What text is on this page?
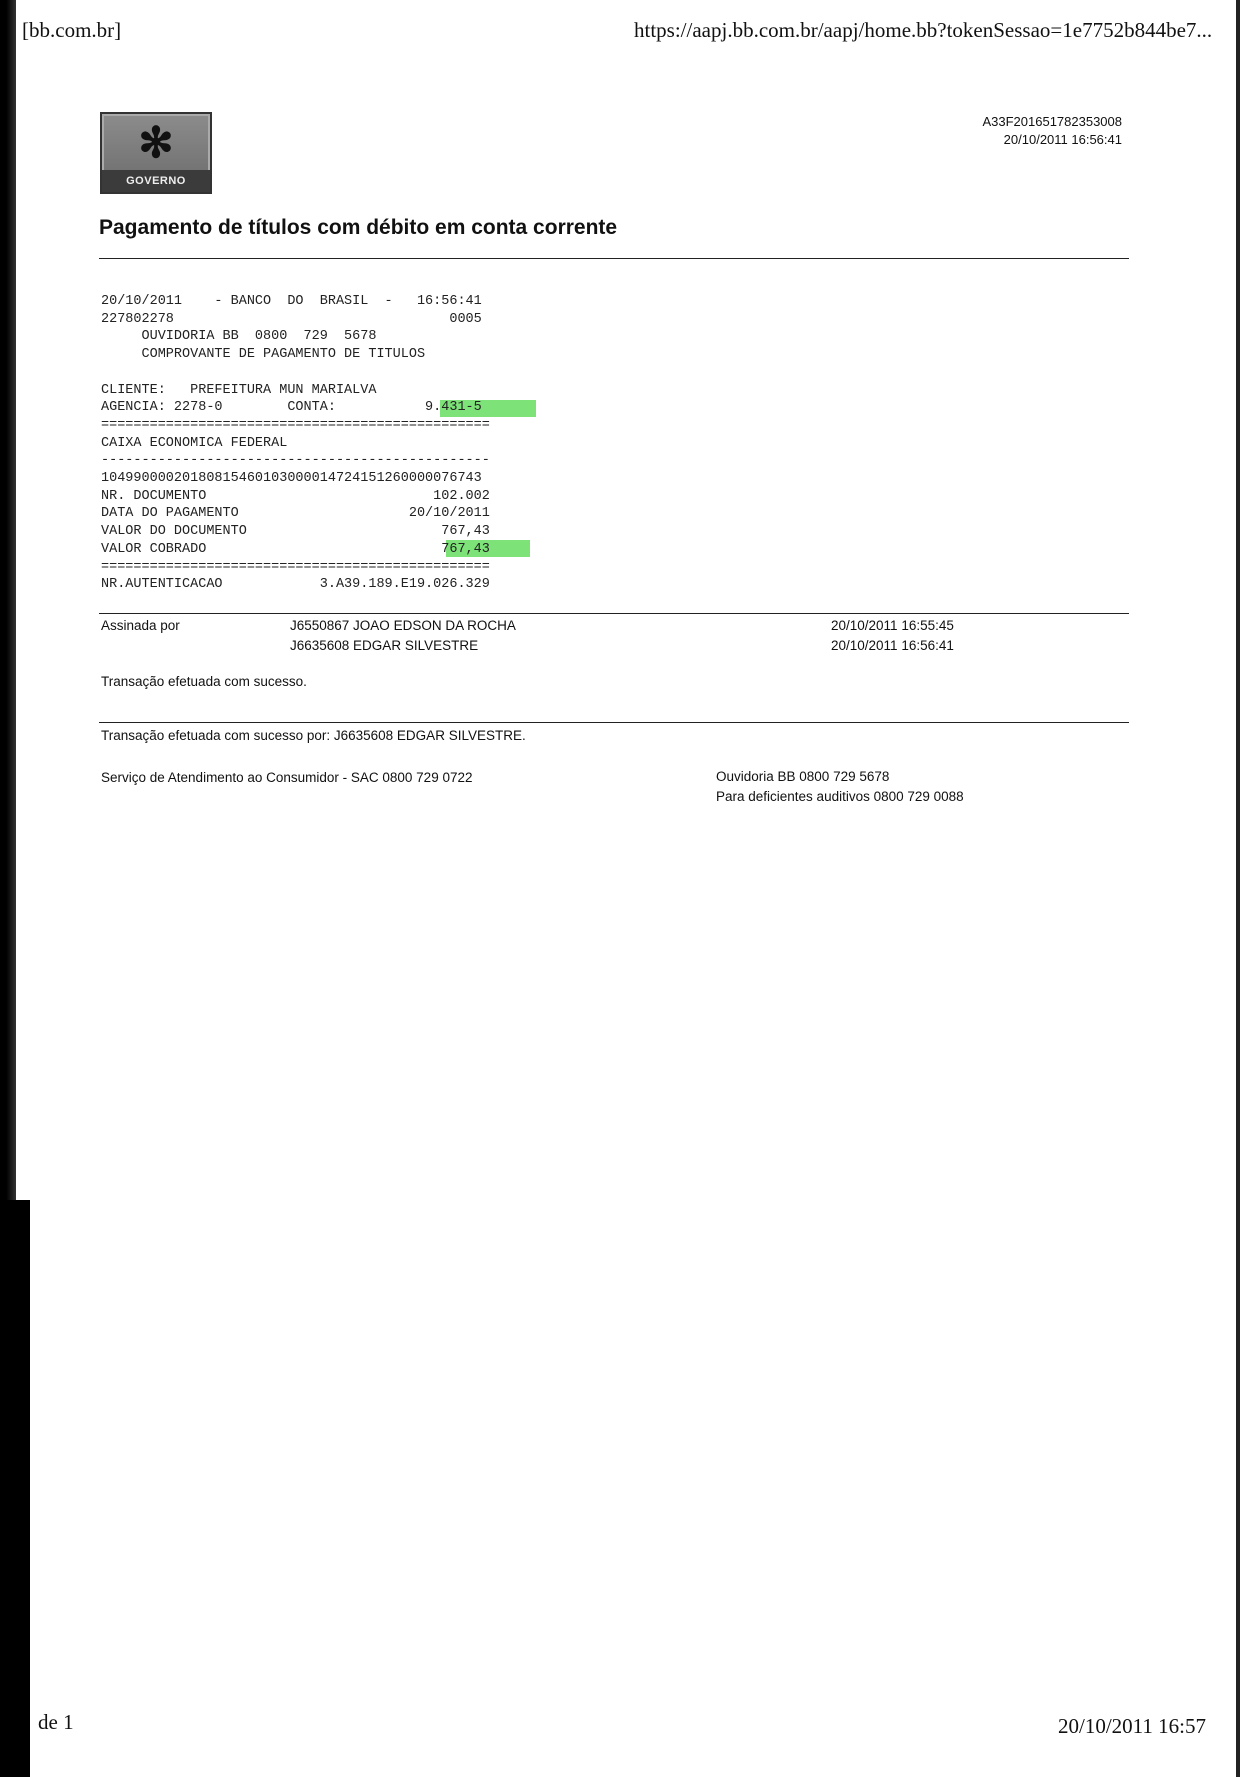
[bb.com.br]	https://aapj.bb.com.br/aapj/home.bb?tokenSessao=1e7752b844be7...
✻
GOVERNO
A33F201651782353008
20/10/2011 16:56:41
Pagamento de títulos com débito em conta corrente
20/10/2011    - BANCO  DO  BRASIL  -   16:56:41
227802278                                  0005
OUVIDORIA BB  0800  729  5678
COMPROVANTE DE PAGAMENTO DE TITULOS
CLIENTE:   PREFEITURA MUN MARIALVA
AGENCIA: 2278-0        CONTA:           9.431-5
================================================
CAIXA ECONOMICA FEDERAL
------------------------------------------------
10499000020180815460103000014724151260000076743
NR. DOCUMENTO                            102.002
DATA DO PAGAMENTO                     20/10/2011
VALOR DO DOCUMENTO                        767,43
VALOR COBRADO                             767,43
================================================
NR.AUTENTICACAO            3.A39.189.E19.026.329
Assinada por	J6550867 JOAO EDSON DA ROCHA	20/10/2011 16:55:45
J6635608 EDGAR SILVESTRE	20/10/2011 16:56:41
Transação efetuada com sucesso.
Transação efetuada com sucesso por: J6635608 EDGAR SILVESTRE.
Serviço de Atendimento ao Consumidor - SAC 0800 729 0722	Ouvidoria BB 0800 729 5678
Para deficientes auditivos 0800 729 0088
de 1	20/10/2011 16:57
